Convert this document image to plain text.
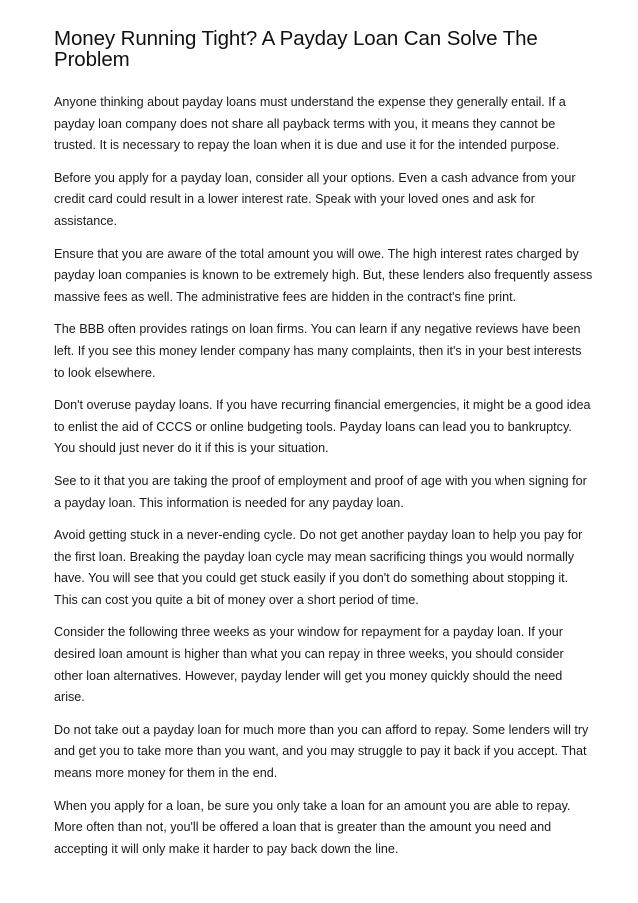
Money Running Tight? A Payday Loan Can Solve The Problem

Anyone thinking about payday loans must understand the expense they generally entail. If a payday loan company does not share all payback terms with you, it means they cannot be trusted. It is necessary to repay the loan when it is due and use it for the intended purpose.

Before you apply for a payday loan, consider all your options. Even a cash advance from your credit card could result in a lower interest rate. Speak with your loved ones and ask for assistance.

Ensure that you are aware of the total amount you will owe. The high interest rates charged by payday loan companies is known to be extremely high. But, these lenders also frequently assess massive fees as well. The administrative fees are hidden in the contract's fine print.

The BBB often provides ratings on loan firms. You can learn if any negative reviews have been left. If you see this money lender company has many complaints, then it's in your best interests to look elsewhere.

Don't overuse payday loans. If you have recurring financial emergencies, it might be a good idea to enlist the aid of CCCS or online budgeting tools. Payday loans can lead you to bankruptcy. You should just never do it if this is your situation.

See to it that you are taking the proof of employment and proof of age with you when signing for a payday loan. This information is needed for any payday loan.

Avoid getting stuck in a never-ending cycle. Do not get another payday loan to help you pay for the first loan. Breaking the payday loan cycle may mean sacrificing things you would normally have. You will see that you could get stuck easily if you don't do something about stopping it. This can cost you quite a bit of money over a short period of time.

Consider the following three weeks as your window for repayment for a payday loan. If your desired loan amount is higher than what you can repay in three weeks, you should consider other loan alternatives. However, payday lender will get you money quickly should the need arise.

Do not take out a payday loan for much more than you can afford to repay. Some lenders will try and get you to take more than you want, and you may struggle to pay it back if you accept. That means more money for them in the end.

When you apply for a loan, be sure you only take a loan for an amount you are able to repay. More often than not, you'll be offered a loan that is greater than the amount you need and accepting it will only make it harder to pay back down the line.
